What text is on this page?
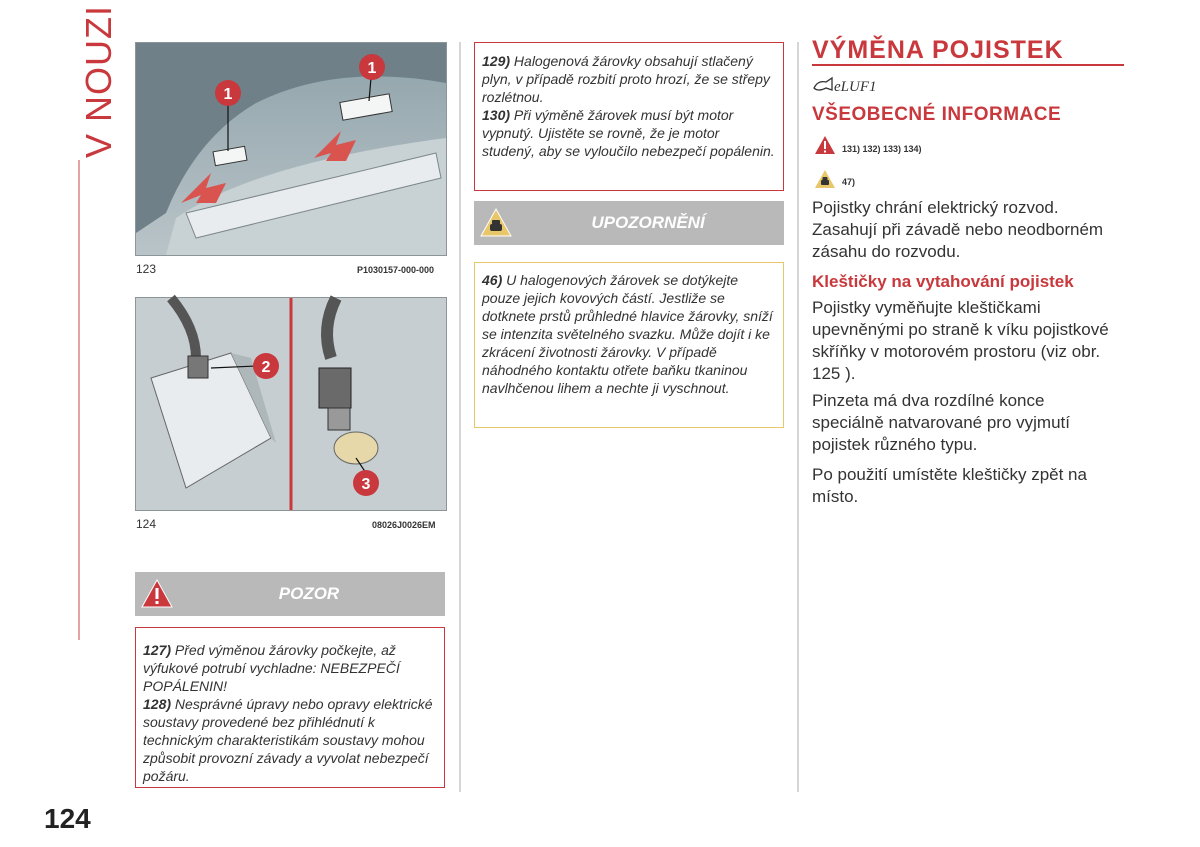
V NOUZI	1
1
123	P1030157-000-000
2
3
124	08026J0026EM
POZOR

127) Před výměnou žárovky počkejte, až výfukové potrubí vychladne: NEBEZPEČÍ POPÁLENIN!

128) Nesprávné úpravy nebo opravy elektrické soustavy provedené bez přihlédnutí k technickým charakteristikám soustavy mohou způsobit provozní závady a vyvolat nebezpečí požáru.

129) Halogenová žárovky obsahují stlačený plyn, v případě rozbití proto hrozí, že se střepy rozlétnou.

130) Při výměně žárovek musí být motor vypnutý. Ujistěte se rovně, že je motor studený, aby se vyloučilo nebezpečí popálenin.

UPOZORNĚNÍ

46) U halogenových žárovek se dotýkejte pouze jejich kovových částí. Jestliže se dotknete prstů průhledné hlavice žárovky, sníží se intenzita světelného svazku. Může dojít i ke zkrácení životnosti žárovky. V případě náhodného kontaktu otřete baňku tkaninou navlhčenou lihem a nechte ji vyschnout.

VÝMĚNA POJISTEK
eLUF1
VŠEOBECNÉ INFORMACE
131) 132) 133) 134)
47)

Pojistky chrání elektrický rozvod. Zasahují při závadě nebo neodborném zásahu do rozvodu.

Kleštičky na vytahování pojistek

Pojistky vyměňujte kleštičkami upevněnými po straně k víku pojistkové skříňky v motorovém prostoru (viz obr. 125 ).

Pinzeta má dva rozdílné konce speciálně natvarované pro vyjmutí pojistek různého typu.

Po použití umístěte kleštičky zpět na místo.

124
